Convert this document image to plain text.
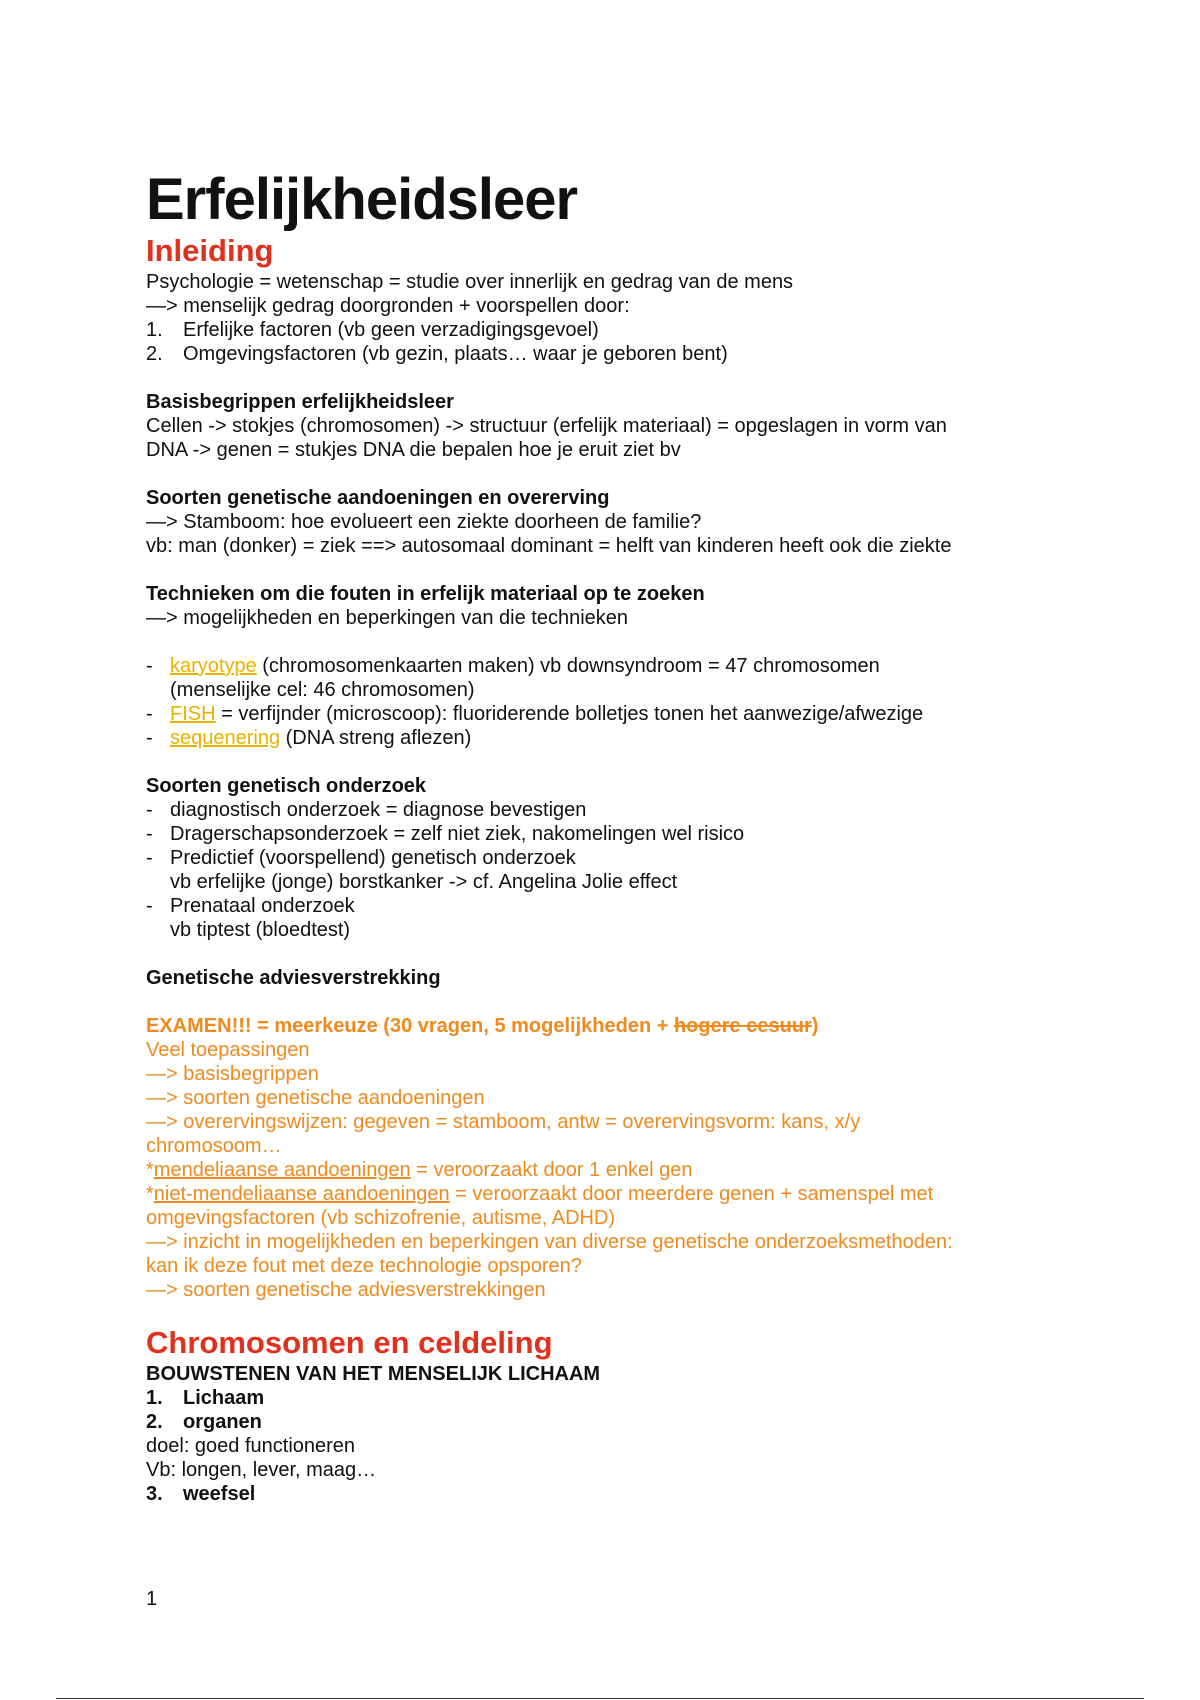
Erfelijkheidsleer
Inleiding
Psychologie = wetenschap = studie over innerlijk en gedrag van de mens
—> menselijk gedrag doorgronden + voorspellen door:
1. Erfelijke factoren (vb geen verzadigingsgevoel)
2. Omgevingsfactoren (vb gezin, plaats… waar je geboren bent)
Basisbegrippen erfelijkheidsleer
Cellen -> stokjes (chromosomen) -> structuur (erfelijk materiaal) = opgeslagen in vorm van
DNA -> genen = stukjes DNA die bepalen hoe je eruit ziet bv
Soorten genetische aandoeningen en overerving
—> Stamboom: hoe evolueert een ziekte doorheen de familie?
vb: man (donker) = ziek ==> autosomaal dominant = helft van kinderen heeft ook die ziekte
Technieken om die fouten in erfelijk materiaal op te zoeken
—> mogelijkheden en beperkingen van die technieken
- karyotype (chromosomenkaarten maken) vb downsyndroom = 47 chromosomen
(menselijke cel: 46 chromosomen)
- FISH = verfijnder (microscoop): fluoriderende bolletjes tonen het aanwezige/afwezige
- sequenering (DNA streng aflezen)
Soorten genetisch onderzoek
- diagnostisch onderzoek = diagnose bevestigen
- Dragerschapsonderzoek = zelf niet ziek, nakomelingen wel risico
- Predictief (voorspellend) genetisch onderzoek
vb erfelijke (jonge) borstkanker -> cf. Angelina Jolie effect
- Prenataal onderzoek
vb tiptest (bloedtest)
Genetische adviesverstrekking
EXAMEN!!! = meerkeuze (30 vragen, 5 mogelijkheden + hogere cesuur)
Veel toepassingen
—> basisbegrippen
—> soorten genetische aandoeningen
—> overervingswijzen: gegeven = stamboom, antw = overervingsvorm: kans, x/y
chromosoom…
*mendeliaanse aandoeningen = veroorzaakt door 1 enkel gen
*niet-mendeliaanse aandoeningen = veroorzaakt door meerdere genen + samenspel met
omgevingsfactoren (vb schizofrenie, autisme, ADHD)
—> inzicht in mogelijkheden en beperkingen van diverse genetische onderzoeksmethoden:
kan ik deze fout met deze technologie opsporen?
—> soorten genetische adviesverstrekkingen
Chromosomen en celdeling
BOUWSTENEN VAN HET MENSELIJK LICHAAM
1. Lichaam
2. organen
doel: goed functioneren
Vb: longen, lever, maag…
3. weefsel
1
